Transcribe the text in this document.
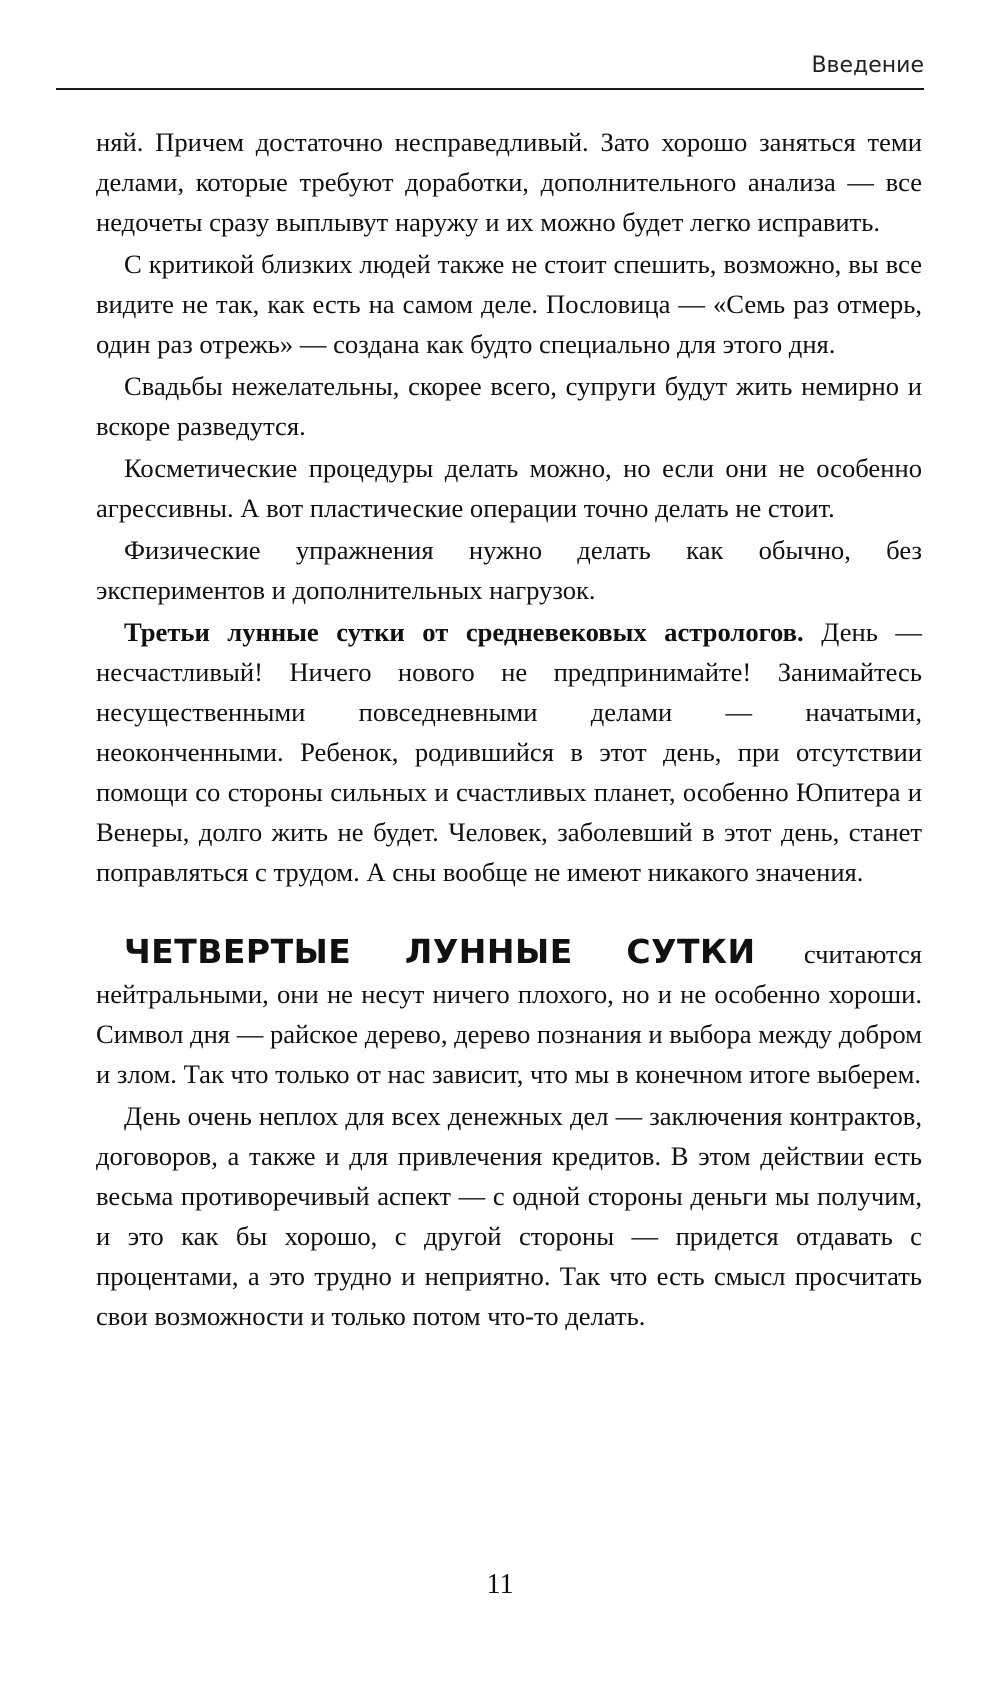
Введение

няй. Причем достаточно несправедливый. Зато хорошо заняться теми делами, которые требуют доработки, дополнительного анализа — все недочеты сразу выплывут наружу и их можно будет легко исправить.

С критикой близких людей также не стоит спешить, возможно, вы все видите не так, как есть на самом деле. Пословица — «Семь раз отмерь, один раз отрежь» — создана как будто специально для этого дня.

Свадьбы нежелательны, скорее всего, супруги будут жить немирно и вскоре разведутся.

Косметические процедуры делать можно, но если они не особенно агрессивны. А вот пластические операции точно делать не стоит.

Физические упражнения нужно делать как обычно, без экспериментов и дополнительных нагрузок.

Третьи лунные сутки от средневековых астрологов. День — несчастливый! Ничего нового не предпринимайте! Занимайтесь несущественными повседневными делами — начатыми, неоконченными. Ребенок, родившийся в этот день, при отсутствии помощи со стороны сильных и счастливых планет, особенно Юпитера и Венеры, долго жить не будет. Человек, заболевший в этот день, станет поправляться с трудом. А сны вообще не имеют никакого значения.

ЧЕТВЕРТЫЕ ЛУННЫЕ СУТКИ считаются нейтральными, они не несут ничего плохого, но и не особенно хороши. Символ дня — райское дерево, дерево познания и выбора между добром и злом. Так что только от нас зависит, что мы в конечном итоге выберем.

День очень неплох для всех денежных дел — заключения контрактов, договоров, а также и для привлечения кредитов. В этом действии есть весьма противоречивый аспект — с одной стороны деньги мы получим, и это как бы хорошо, с другой стороны — придется отдавать с процентами, а это трудно и неприятно. Так что есть смысл просчитать свои возможности и только потом что-то делать.

11
